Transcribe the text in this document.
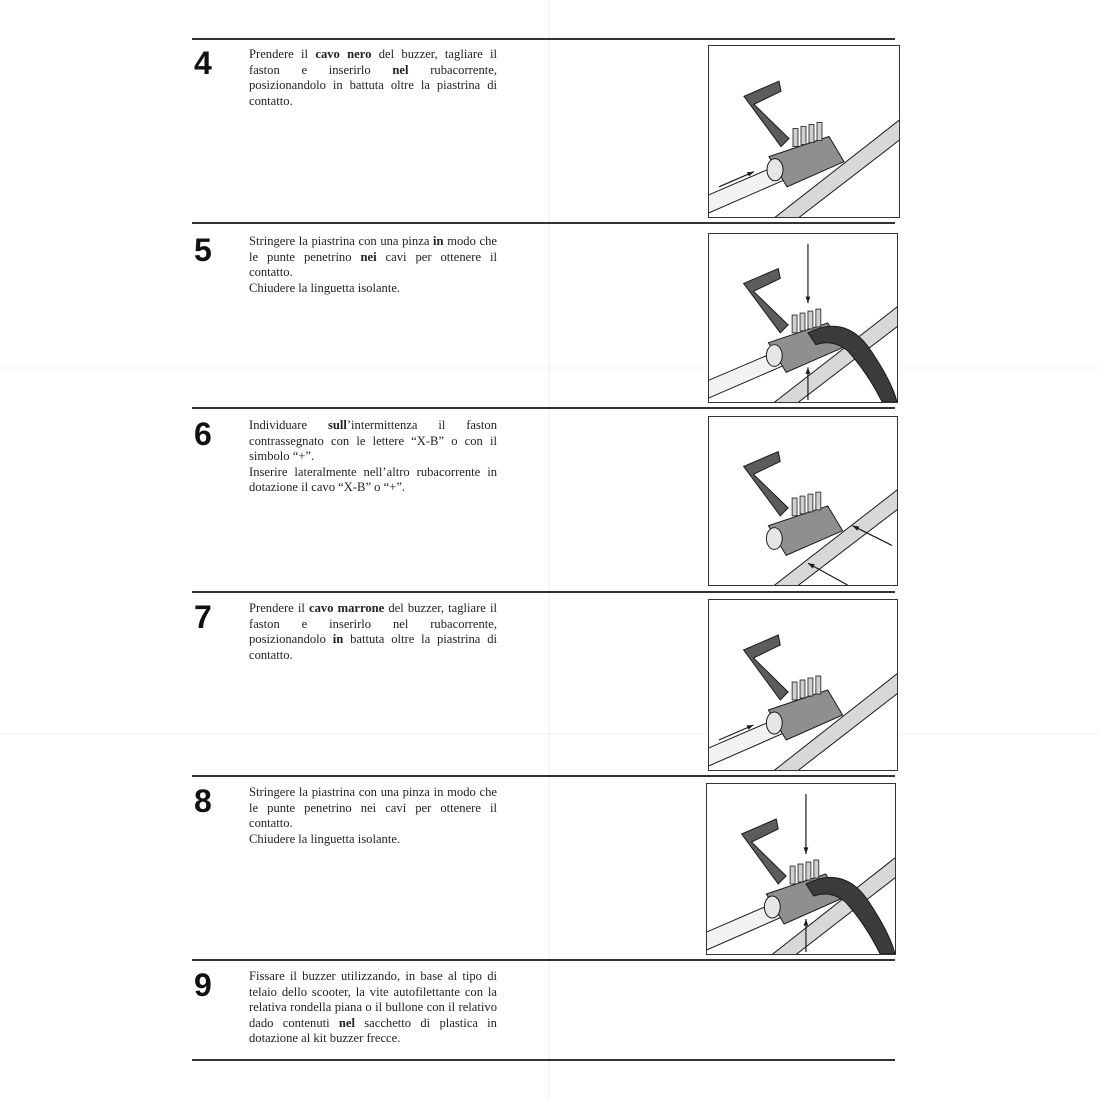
4	Prendere il cavo nero del buzzer, tagliare il faston e inserirlo nel rubacorrente, posizionandolo in battuta oltre la piastrina di contatto.
5	Stringere la piastrina con una pinza in modo che le punte penetrino nei cavi per ottenere il contatto.
Chiudere la linguetta isolante.
6	Individuare sull’intermittenza il faston contrassegnato con le lettere “X-B” o con il simbolo “+”.
Inserire lateralmente nell’altro rubacorrente in dotazione il cavo “X-B” o “+”.
7	Prendere il cavo marrone del buzzer, tagliare il faston e inserirlo nel rubacorrente, posizionandolo in battuta oltre la piastrina di contatto.
8	Stringere la piastrina con una pinza in modo che le punte penetrino nei cavi per ottenere il contatto.
Chiudere la linguetta isolante.
9	Fissare il buzzer utilizzando, in base al tipo di telaio dello scooter, la vite autofilettante con la relativa rondella piana o il bullone con il relativo dado contenuti nel sacchetto di plastica in dotazione al kit buzzer frecce.
